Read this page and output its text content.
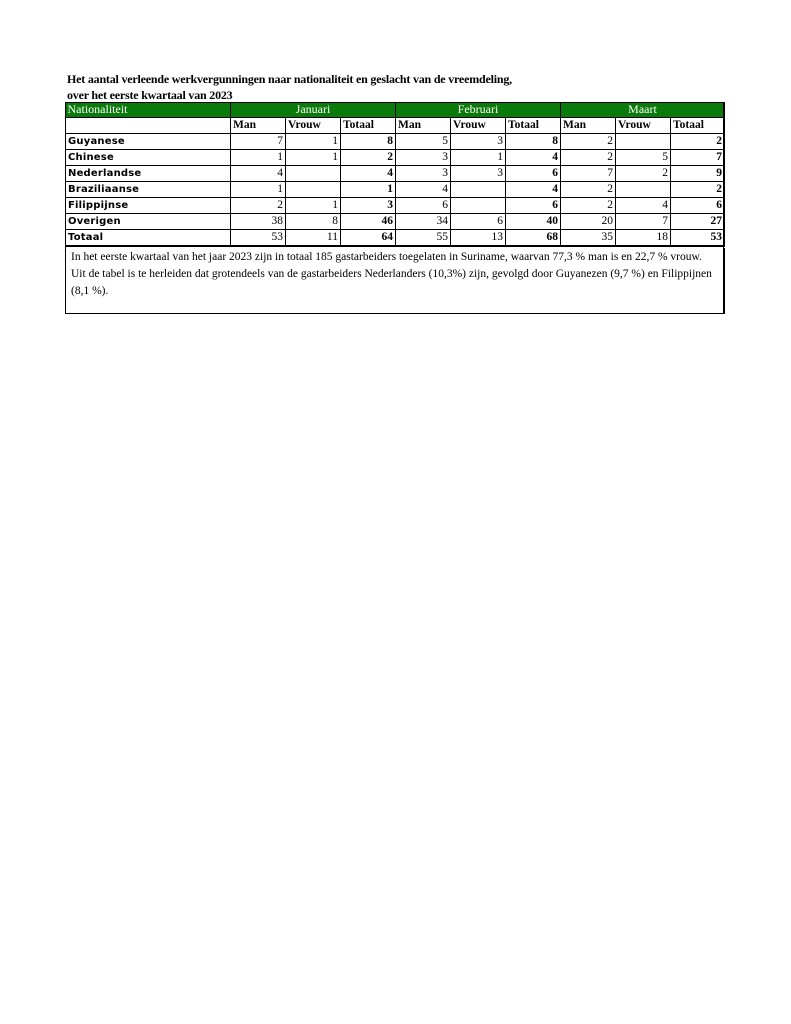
Het aantal verleende werkvergunningen naar nationaliteit en geslacht van de vreemdeling,
over het eerste kwartaal van 2023
Nationaliteit	Januari			Februari			Maart		
	Man	Vrouw	Totaal	Man	Vrouw	Totaal	Man	Vrouw	Totaal
Guyanese	7	1	8	5	3	8	2		2
Chinese	1	1	2	3	1	4	2	5	7
Nederlandse	4		4	3	3	6	7	2	9
Braziliaanse	1		1	4		4	2		2
Filippijnse	2	1	3	6		6	2	4	6
Overigen	38	8	46	34	6	40	20	7	27
Totaal	53	11	64	55	13	68	35	18	53
In het eerste kwartaal van het jaar 2023 zijn in totaal 185 gastarbeiders toegelaten in Suriname, waarvan 77,3 % man is en 22,7 % vrouw. Uit de tabel is te herleiden dat grotendeels van de gastarbeiders Nederlanders (10,3%) zijn, gevolgd door Guyanezen (9,7 %) en Filippijnen (8,1 %).
